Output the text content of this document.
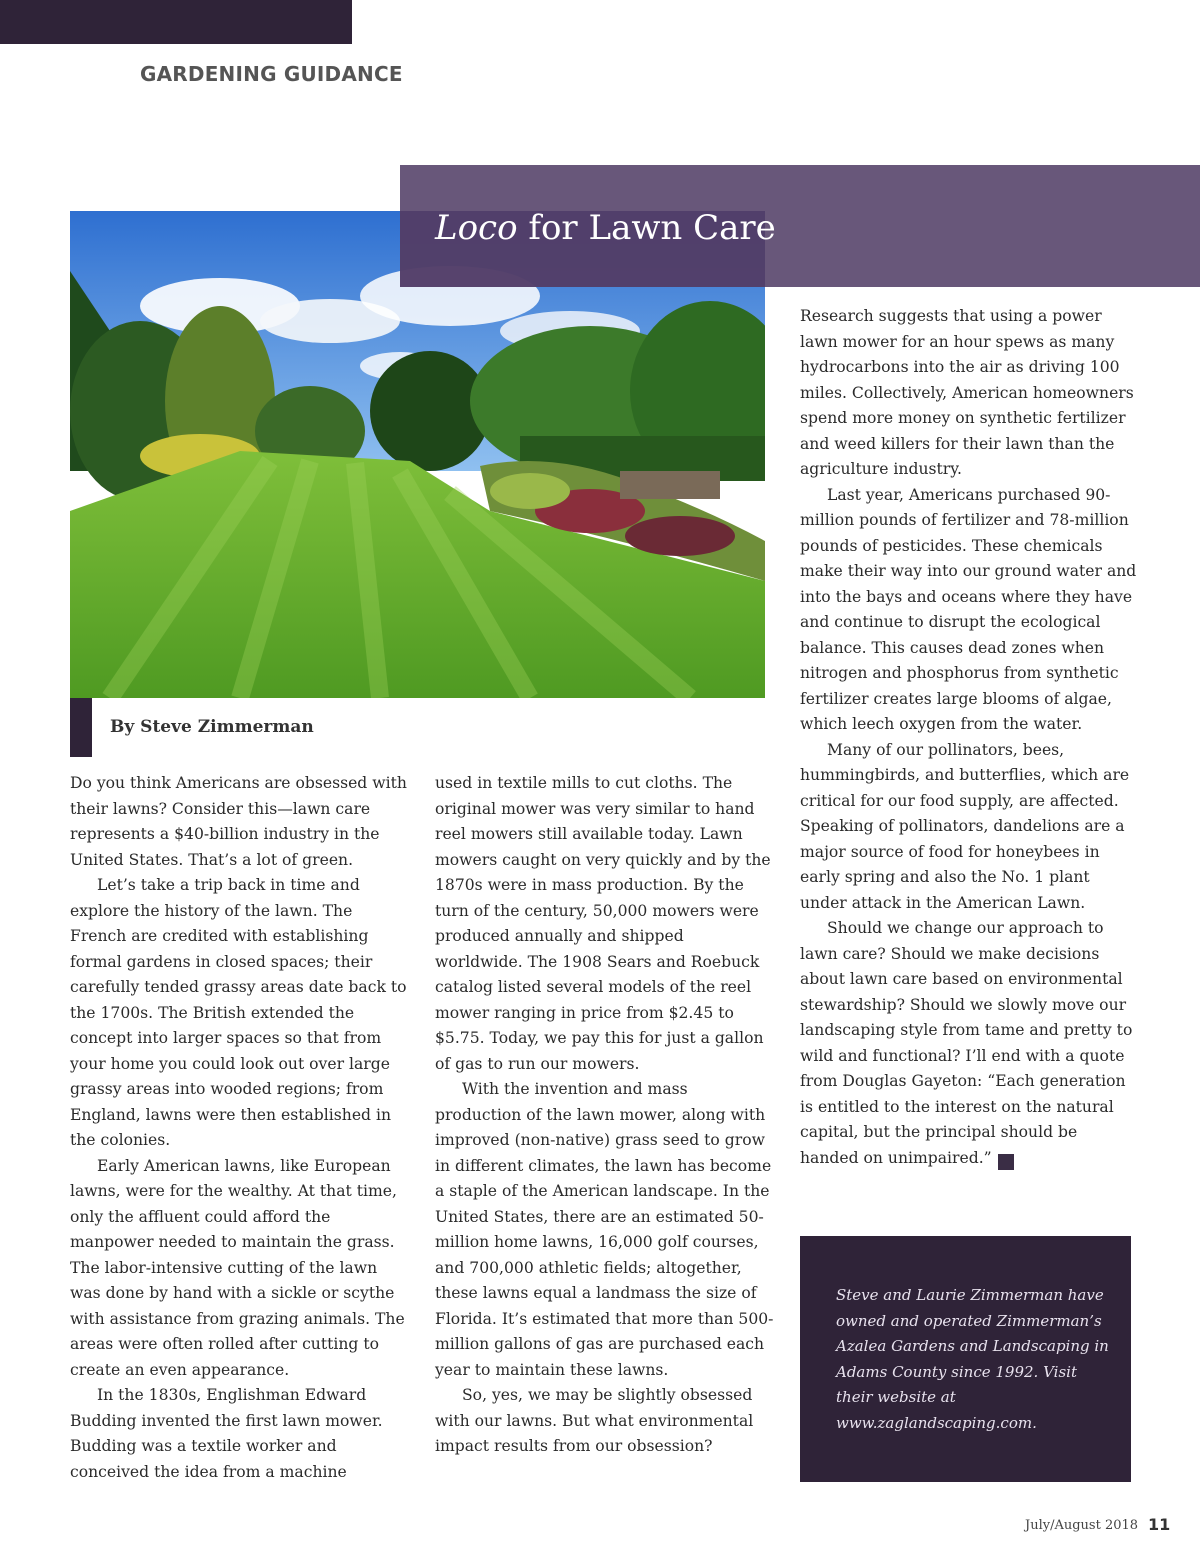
GARDENING GUIDANCE
Loco for Lawn Care
By Steve Zimmerman

Do you think Americans are obsessed with their lawns? Consider this—lawn care represents a $40-billion industry in the United States. That’s a lot of green.

Let’s take a trip back in time and explore the history of the lawn. The French are credited with establishing formal gardens in closed spaces; their carefully tended grassy areas date back to the 1700s. The British extended the concept into larger spaces so that from your home you could look out over large grassy areas into wooded regions; from England, lawns were then established in the colonies.

Early American lawns, like European lawns, were for the wealthy. At that time, only the affluent could afford the manpower needed to maintain the grass. The labor-intensive cutting of the lawn was done by hand with a sickle or scythe with assistance from grazing animals. The areas were often rolled after cutting to create an even appearance.

In the 1830s, Englishman Edward Budding invented the first lawn mower. Budding was a textile worker and conceived the idea from a machine

used in textile mills to cut cloths. The original mower was very similar to hand reel mowers still available today. Lawn mowers caught on very quickly and by the 1870s were in mass production. By the turn of the century, 50,000 mowers were produced annually and shipped worldwide. The 1908 Sears and Roebuck catalog listed several models of the reel mower ranging in price from $2.45 to $5.75. Today, we pay this for just a gallon of gas to run our mowers.

With the invention and mass production of the lawn mower, along with improved (non-native) grass seed to grow in different climates, the lawn has become a staple of the American landscape. In the United States, there are an estimated 50-million home lawns, 16,000 golf courses, and 700,000 athletic fields; altogether, these lawns equal a landmass the size of Florida. It’s estimated that more than 500-million gallons of gas are purchased each year to maintain these lawns.

So, yes, we may be slightly obsessed with our lawns. But what environmental impact results from our obsession?

Research suggests that using a power lawn mower for an hour spews as many hydrocarbons into the air as driving 100 miles. Collectively, American homeowners spend more money on synthetic fertilizer and weed killers for their lawn than the agriculture industry.

Last year, Americans purchased 90-million pounds of fertilizer and 78-million pounds of pesticides. These chemicals make their way into our ground water and into the bays and oceans where they have and continue to disrupt the ecological balance. This causes dead zones when nitrogen and phosphorus from synthetic fertilizer creates large blooms of algae, which leech oxygen from the water.

Many of our pollinators, bees, hummingbirds, and butterflies, which are critical for our food supply, are affected. Speaking of pollinators, dandelions are a major source of food for honeybees in early spring and also the No. 1 plant under attack in the American Lawn.

Should we change our approach to lawn care? Should we make decisions about lawn care based on environmental stewardship? Should we slowly move our landscaping style from tame and pretty to wild and functional? I’ll end with a quote from Douglas Gayeton: “Each generation is entitled to the interest on the natural capital, but the principal should be handed on unimpaired.”	G

Steve and Laurie Zimmerman have owned and operated Zimmerman’s Azalea Gardens and Landscaping in Adams County since 1992. Visit their website at www.zaglandscaping.com.
July/August 2018 11
